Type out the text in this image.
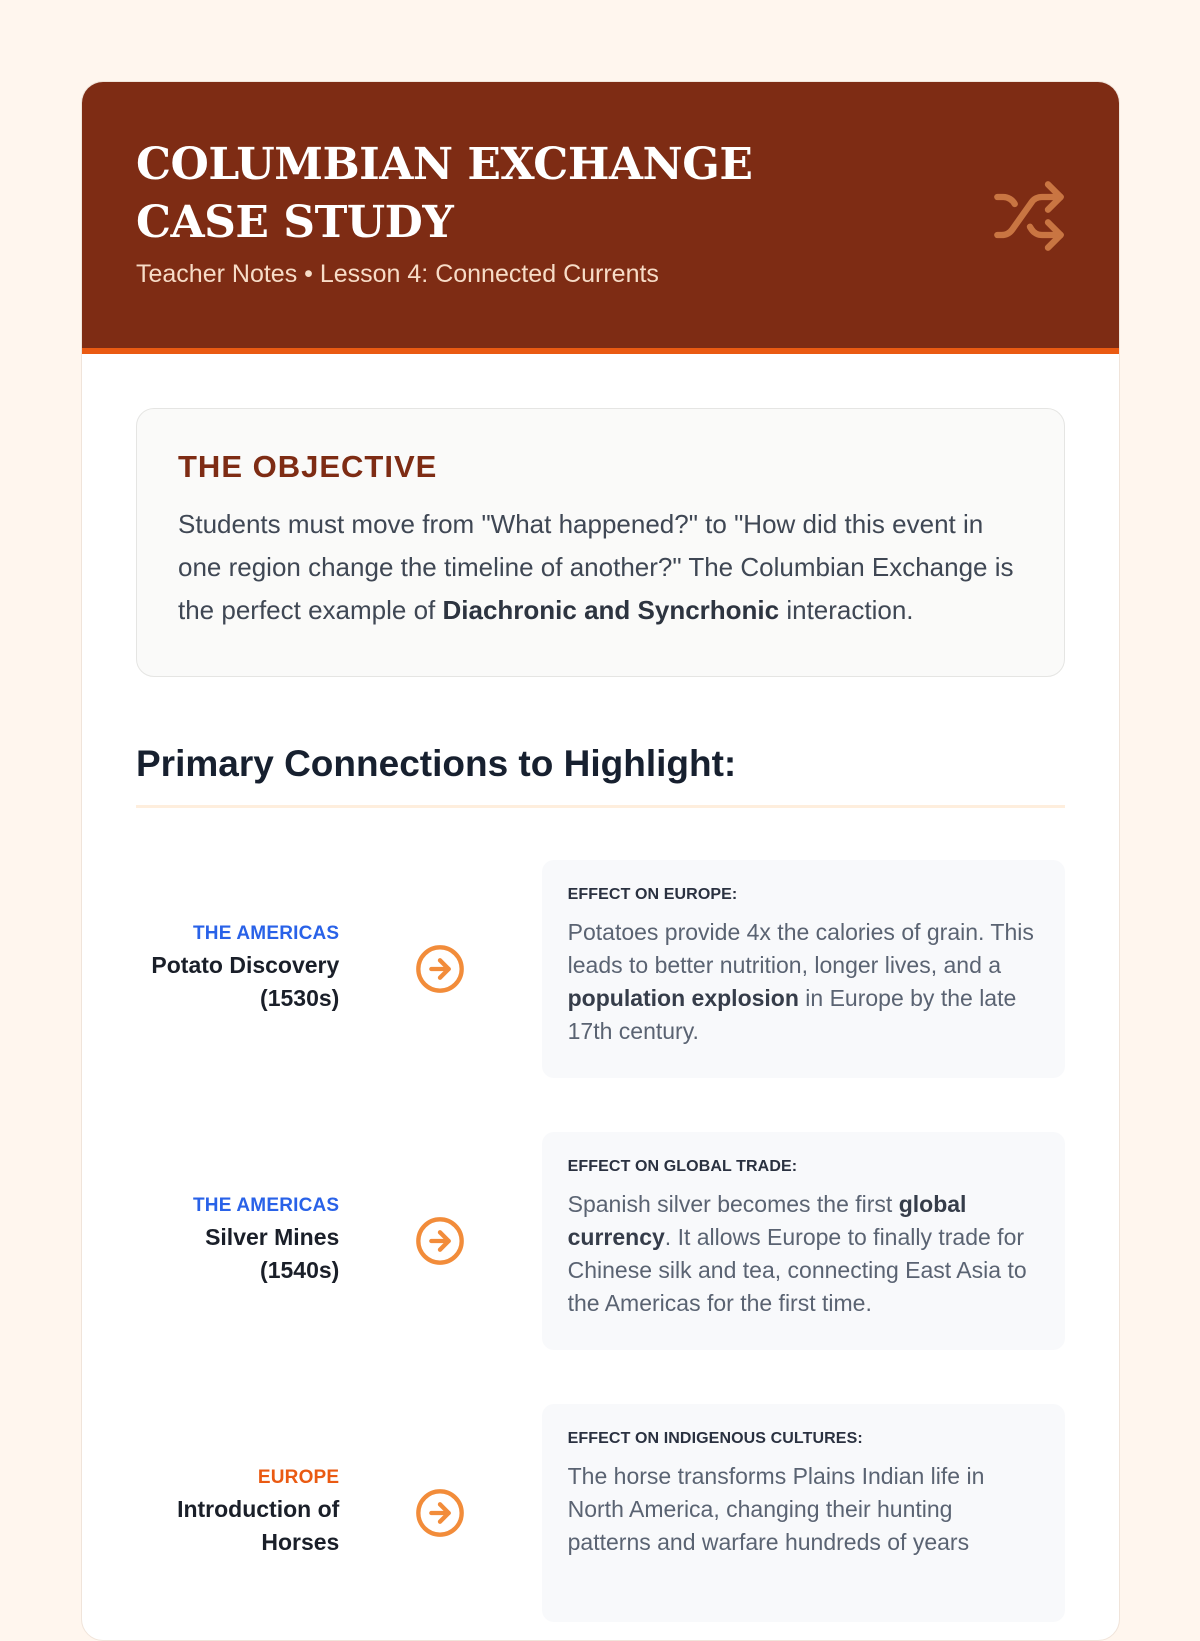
COLUMBIAN EXCHANGE CASE STUDY
Teacher Notes • Lesson 4: Connected Currents
THE OBJECTIVE
Students must move from "What happened?" to "How did this event in one region change the timeline of another?" The Columbian Exchange is the perfect example of Diachronic and Syncrhonic interaction.
Primary Connections to Highlight:
THE AMERICAS
Potato Discovery (1530s)
EFFECT ON EUROPE:
Potatoes provide 4x the calories of grain. This leads to better nutrition, longer lives, and a population explosion in Europe by the late 17th century.
THE AMERICAS
Silver Mines (1540s)
EFFECT ON GLOBAL TRADE:
Spanish silver becomes the first global currency. It allows Europe to finally trade for Chinese silk and tea, connecting East Asia to the Americas for the first time.
EUROPE
Introduction of Horses
EFFECT ON INDIGENOUS CULTURES:
The horse transforms Plains Indian life in North America, changing their hunting patterns and warfare hundreds of years
